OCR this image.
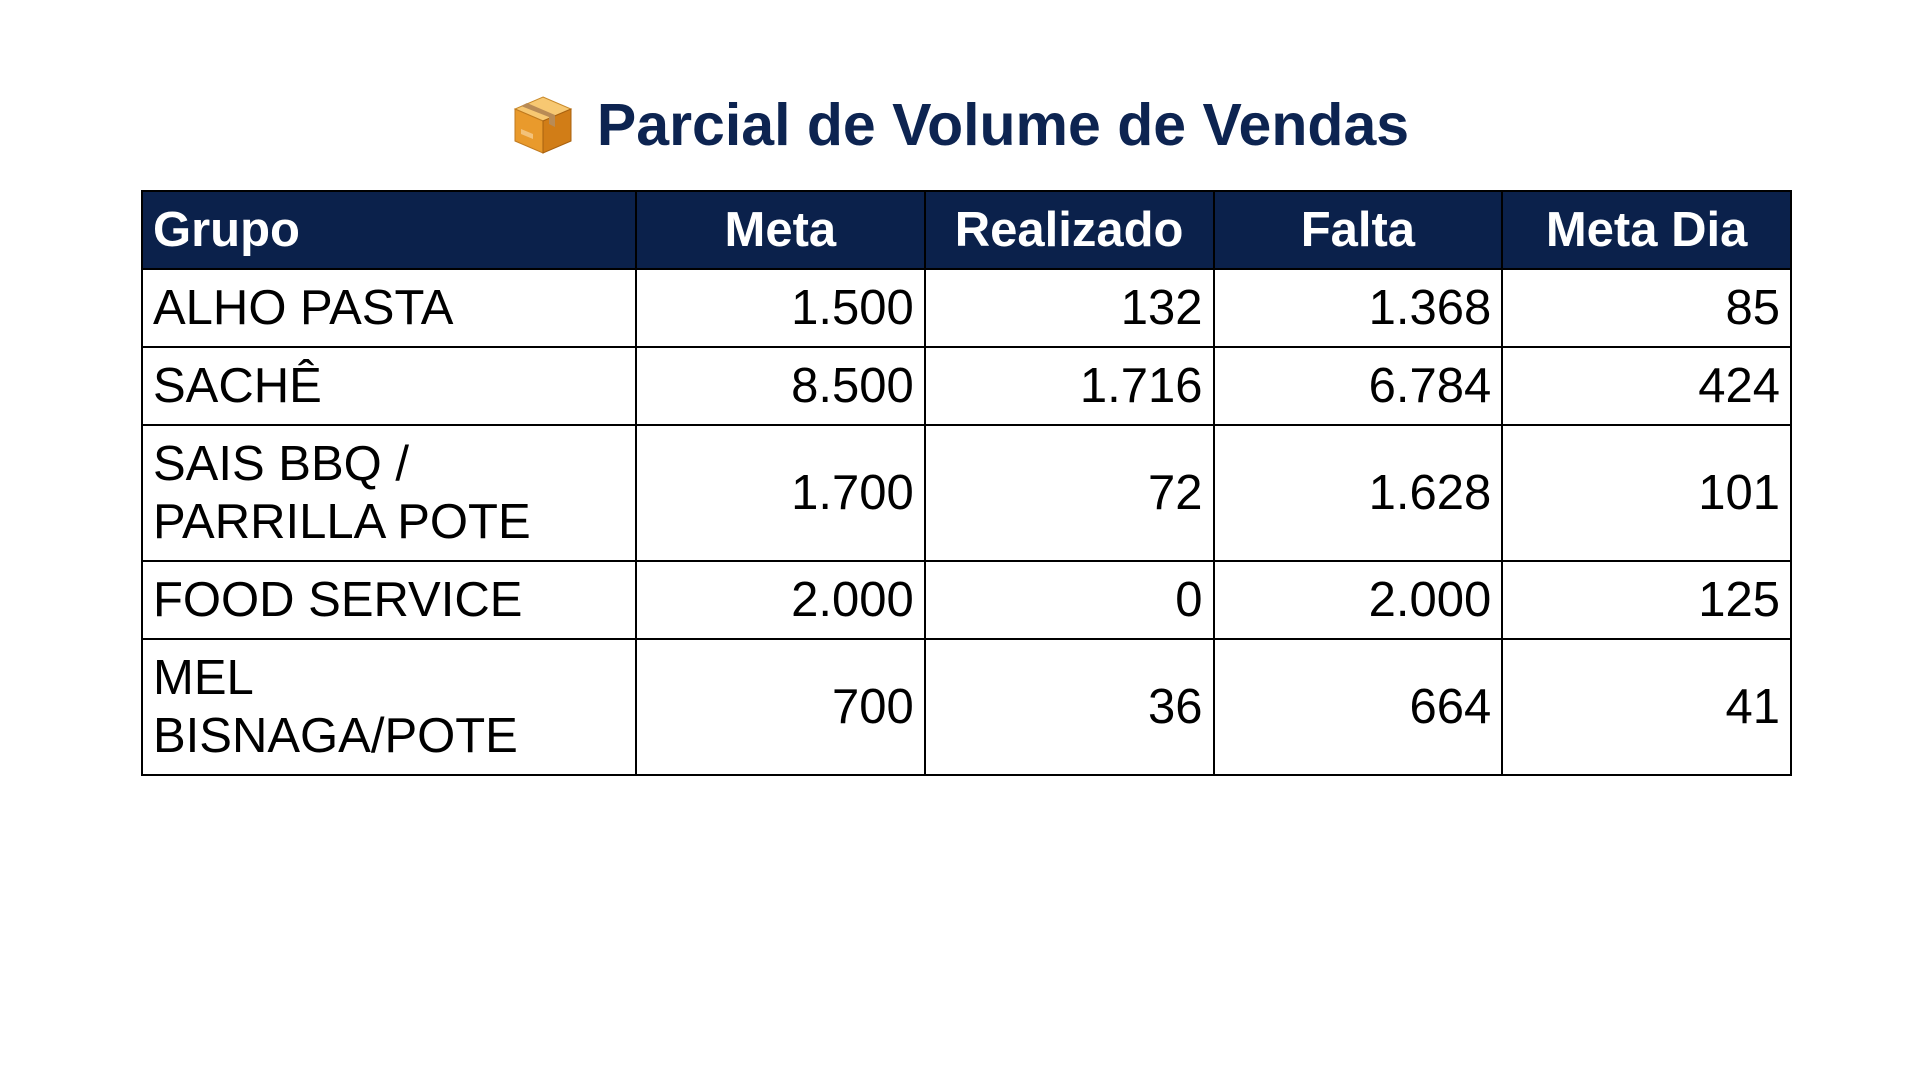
Parcial de Volume de Vendas
Grupo	Meta	Realizado	Falta	Meta Dia
ALHO PASTA	1.500	132	1.368	85
SACHÊ	8.500	1.716	6.784	424
SAIS BBQ / PARRILLA POTE	1.700	72	1.628	101
FOOD SERVICE	2.000	0	2.000	125
MEL BISNAGA/POTE	700	36	664	41
